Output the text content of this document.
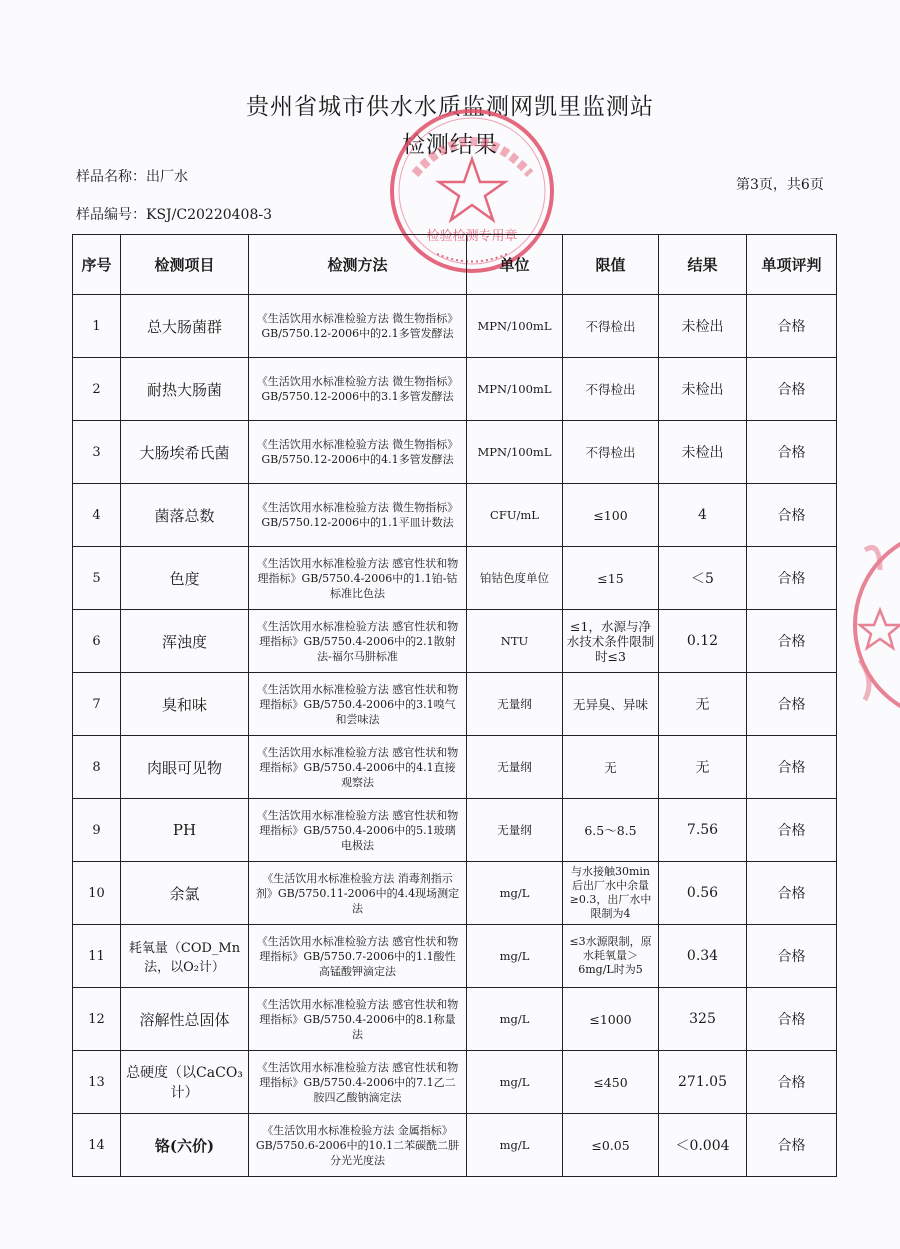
贵州省城市供水水质监测网凯里监测站
检测结果
样品名称：出厂水	第3页，共6页
样品编号：KSJ/C20220408-3
检验检测专用章
序号	检测项目	检测方法	单位	限值	结果	单项评判
1	总大肠菌群	《生活饮用水标准检验方法 微生物指标》GB/5750.12-2006中的2.1多管发酵法	MPN/100mL	不得检出	未检出	合格
2	耐热大肠菌	《生活饮用水标准检验方法 微生物指标》GB/5750.12-2006中的3.1多管发酵法	MPN/100mL	不得检出	未检出	合格
3	大肠埃希氏菌	《生活饮用水标准检验方法 微生物指标》GB/5750.12-2006中的4.1多管发酵法	MPN/100mL	不得检出	未检出	合格
4	菌落总数	《生活饮用水标准检验方法 微生物指标》GB/5750.12-2006中的1.1平皿计数法	CFU/mL	≤100	4	合格
5	色度	《生活饮用水标准检验方法 感官性状和物理指标》GB/5750.4-2006中的1.1铂-钴标准比色法	铂钴色度单位	≤15	＜5	合格
6	浑浊度	《生活饮用水标准检验方法 感官性状和物理指标》GB/5750.4-2006中的2.1散射法-福尔马肼标准	NTU	≤1，水源与净水技术条件限制时≤3	0.12	合格
7	臭和味	《生活饮用水标准检验方法 感官性状和物理指标》GB/5750.4-2006中的3.1嗅气和尝味法	无量纲	无异臭、异味	无	合格
8	肉眼可见物	《生活饮用水标准检验方法 感官性状和物理指标》GB/5750.4-2006中的4.1直接观察法	无量纲	无	无	合格
9	PH	《生活饮用水标准检验方法 感官性状和物理指标》GB/5750.4-2006中的5.1玻璃电极法	无量纲	6.5～8.5	7.56	合格
10	余氯	《生活饮用水标准检验方法 消毒剂指示剂》GB/5750.11-2006中的4.4现场测定法	mg/L	与水接触30min后出厂水中余量≥0.3，出厂水中限制为4	0.56	合格
11	耗氧量（COD_Mn法，以O₂计）	《生活饮用水标准检验方法 感官性状和物理指标》GB/5750.7-2006中的1.1酸性高锰酸钾滴定法	mg/L	≤3水源限制，原水耗氧量＞6mg/L时为5	0.34	合格
12	溶解性总固体	《生活饮用水标准检验方法 感官性状和物理指标》GB/5750.4-2006中的8.1称量法	mg/L	≤1000	325	合格
13	总硬度（以CaCO₃计）	《生活饮用水标准检验方法 感官性状和物理指标》GB/5750.4-2006中的7.1乙二胺四乙酸钠滴定法	mg/L	≤450	271.05	合格
14	铬(六价)	《生活饮用水标准检验方法 金属指标》GB/5750.6-2006中的10.1二苯碳酰二肼分光光度法	mg/L	≤0.05	＜0.004	合格
